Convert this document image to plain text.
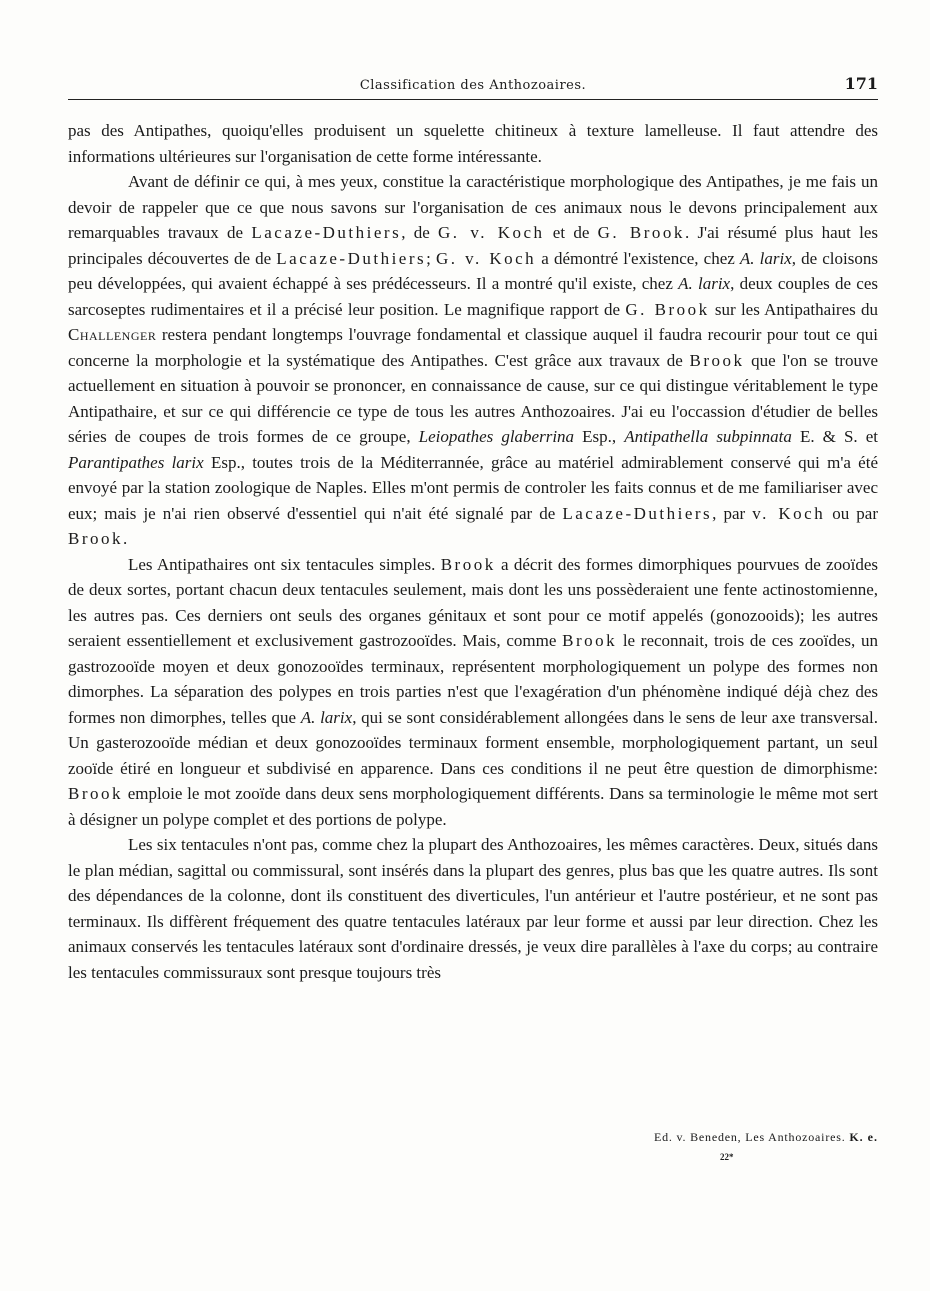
Classification des Anthozoaires.	171

pas des Antipathes, quoiqu'elles produisent un squelette chitineux à texture lamelleuse. Il faut attendre des informations ultérieures sur l'organisation de cette forme intéressante.

Avant de définir ce qui, à mes yeux, constitue la caractéristique morphologique des Antipathes, je me fais un devoir de rappeler que ce que nous savons sur l'organisation de ces animaux nous le devons principalement aux remarquables travaux de Lacaze-Duthiers, de G. v. Koch et de G. Brook. J'ai résumé plus haut les principales découvertes de de Lacaze-Duthiers; G. v. Koch a démontré l'existence, chez A. larix, de cloisons peu développées, qui avaient échappé à ses prédécesseurs. Il a montré qu'il existe, chez A. larix, deux couples de ces sarcoseptes rudimentaires et il a précisé leur position. Le magnifique rapport de G. Brook sur les Antipathaires du Challenger restera pendant longtemps l'ouvrage fondamental et classique auquel il faudra recourir pour tout ce qui concerne la morphologie et la systématique des Antipathes. C'est grâce aux travaux de Brook que l'on se trouve actuellement en situation à pouvoir se prononcer, en connaissance de cause, sur ce qui distingue véritablement le type Antipathaire, et sur ce qui différencie ce type de tous les autres Anthozoaires. J'ai eu l'occassion d'étudier de belles séries de coupes de trois formes de ce groupe, Leiopathes glaberrina Esp., Antipathella subpinnata E. & S. et Parantipathes larix Esp., toutes trois de la Méditerrannée, grâce au matériel admirablement conservé qui m'a été envoyé par la station zoologique de Naples. Elles m'ont permis de controler les faits connus et de me familiariser avec eux; mais je n'ai rien observé d'essentiel qui n'ait été signalé par de Lacaze-Duthiers, par v. Koch ou par Brook.

Les Antipathaires ont six tentacules simples. Brook a décrit des formes dimorphiques pourvues de zooïdes de deux sortes, portant chacun deux tentacules seulement, mais dont les uns possèderaient une fente actinostomienne, les autres pas. Ces derniers ont seuls des organes génitaux et sont pour ce motif appelés (gonozooids); les autres seraient essentiellement et exclusivement gastrozooïdes. Mais, comme Brook le reconnait, trois de ces zooïdes, un gastrozooïde moyen et deux gonozooïdes terminaux, représentent morphologiquement un polype des formes non dimorphes. La séparation des polypes en trois parties n'est que l'exagération d'un phénomène indiqué déjà chez des formes non dimorphes, telles que A. larix, qui se sont considérablement allongées dans le sens de leur axe transversal. Un gasterozooïde médian et deux gonozooïdes terminaux forment ensemble, morphologiquement partant, un seul zooïde étiré en longueur et subdivisé en apparence. Dans ces conditions il ne peut être question de dimorphisme: Brook emploie le mot zooïde dans deux sens morphologiquement différents. Dans sa terminologie le même mot sert à désigner un polype complet et des portions de polype.

Les six tentacules n'ont pas, comme chez la plupart des Anthozoaires, les mêmes caractères. Deux, situés dans le plan médian, sagittal ou commissural, sont insérés dans la plupart des genres, plus bas que les quatre autres. Ils sont des dépendances de la colonne, dont ils constituent des diverticules, l'un antérieur et l'autre postérieur, et ne sont pas terminaux. Ils diffèrent fréquement des quatre tentacules latéraux par leur forme et aussi par leur direction. Chez les animaux conservés les tentacules latéraux sont d'ordinaire dressés, je veux dire parallèles à l'axe du corps; au contraire les tentacules commissuraux sont presque toujours très

Ed. v. Beneden, Les Anthozoaires. K. e.
22*
